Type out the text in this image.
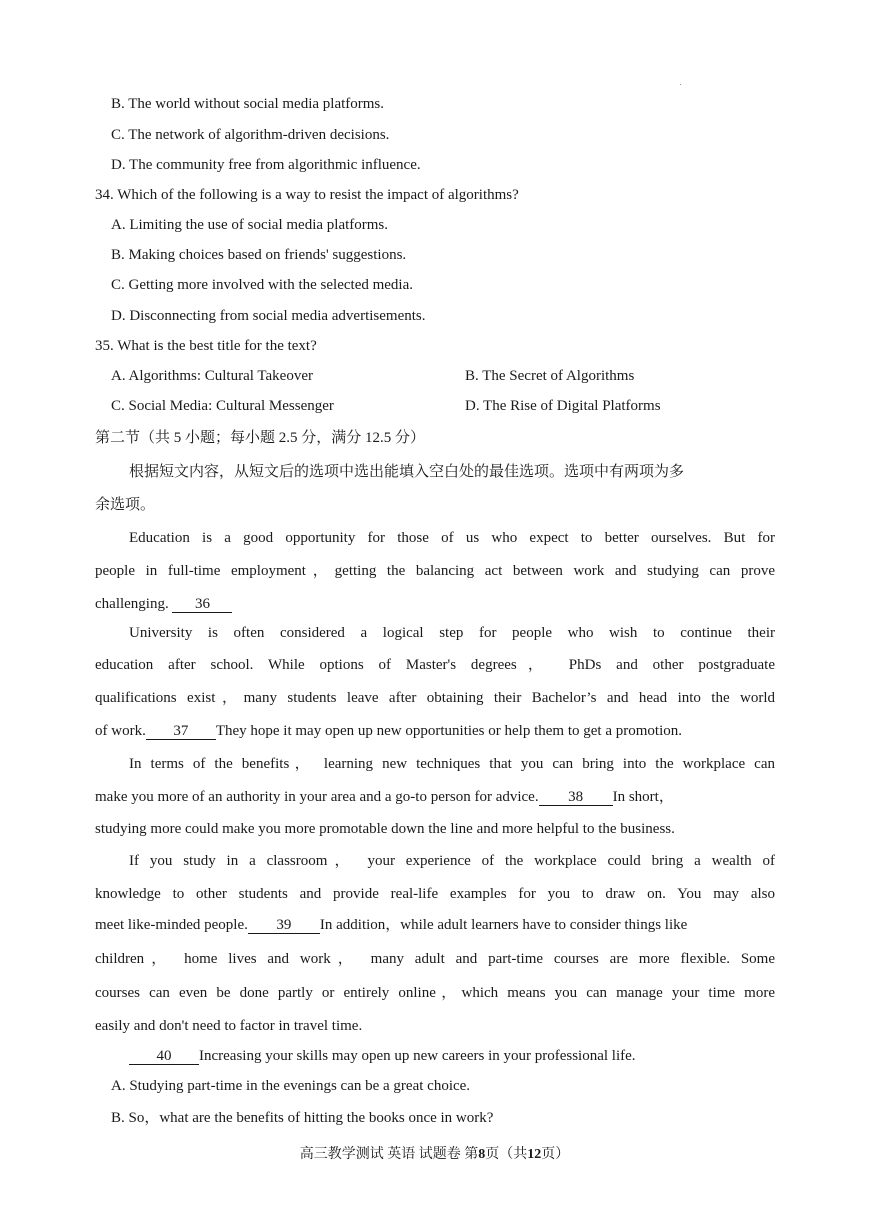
B. The world without social media platforms.
C. The network of algorithm-driven decisions.
D. The community free from algorithmic influence.
34. Which of the following is a way to resist the impact of algorithms?
A. Limiting the use of social media platforms.
B. Making choices based on friends' suggestions.
C. Getting more involved with the selected media.
D. Disconnecting from social media advertisements.
35. What is the best title for the text?
A. Algorithms: Cultural Takeover	B. The Secret of Algorithms
C. Social Media: Cultural Messenger	D. The Rise of Digital Platforms
第二节（共 5 小题；每小题 2.5 分，满分 12.5 分）
根据短文内容，从短文后的选项中选出能填入空白处的最佳选项。选项中有两项为多
余选项。
Education is a good opportunity for those of us who expect to better ourselves. But for
people in full-time employment，getting the balancing act between work and studying can prove
challenging. 36
University is often considered a logical step for people who wish to continue their
education after school. While options of Master's degrees， PhDs and other postgraduate
qualifications exist，many students leave after obtaining their Bachelor’s and head into the world
of work. 37 They hope it may open up new opportunities or help them to get a promotion.
In terms of the benefits， learning new techniques that you can bring into the workplace can
make you more of an authority in your area and a go-to person for advice. 38 In short，
studying more could make you more promotable down the line and more helpful to the business.
If you study in a classroom， your experience of the workplace could bring a wealth of
knowledge to other students and provide real-life examples for you to draw on. You may also
meet like-minded people. 39 In addition，while adult learners have to consider things like
children， home lives and work， many adult and part-time courses are more flexible. Some
courses can even be done partly or entirely online，which means you can manage your time more
easily and don't need to factor in travel time.
40 Increasing your skills may open up new careers in your professional life.
A. Studying part-time in the evenings can be a great choice.
B. So，what are the benefits of hitting the books once in work?
高三教学测试 英语 试题卷 第8页（共12页）
